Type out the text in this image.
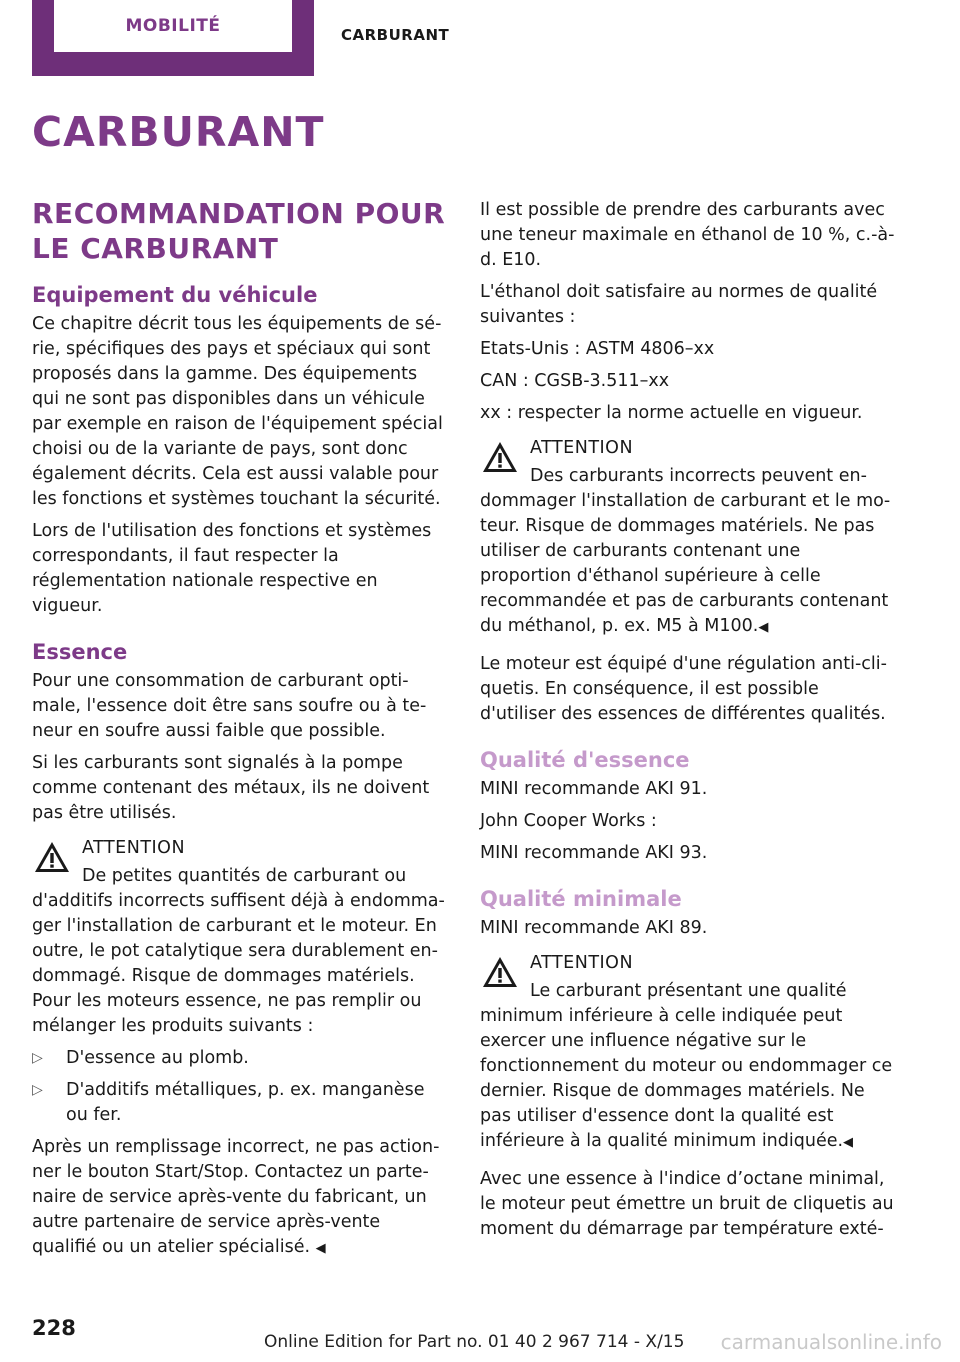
MOBILITÉ	CARBURANT
CARBURANT
RECOMMANDATION POUR LE CARBURANT
Equipement du véhicule

Ce chapitre décrit tous les équipements de série, spécifiques des pays et spéciaux qui sont proposés dans la gamme. Des équipements qui ne sont pas disponibles dans un véhicule par exemple en raison de l'équipement spécial choisi ou de la variante de pays, sont donc également décrits. Cela est aussi valable pour les fonctions et systèmes touchant la sécurité.

Lors de l'utilisation des fonctions et systèmes correspondants, il faut respecter la réglementation nationale respective en vigueur.

Essence

Pour une consommation de carburant optimale, l'essence doit être sans soufre ou à teneur en soufre aussi faible que possible.

Si les carburants sont signalés à la pompe comme contenant des métaux, ils ne doivent pas être utilisés.

ATTENTION

De petites quantités de carburant ou d'additifs incorrects suffisent déjà à endommager l'installation de carburant et le moteur. En outre, le pot catalytique sera durablement endommagé. Risque de dommages matériels. Pour les moteurs essence, ne pas remplir ou mélanger les produits suivants :

▷ D'essence au plomb.
▷ D'additifs métalliques, p. ex. manganèse ou fer.

Après un remplissage incorrect, ne pas actionner le bouton Start/Stop. Contactez un partenaire de service après-vente du fabricant, un autre partenaire de service après-vente qualifié ou un atelier spécialisé. ◀

Il est possible de prendre des carburants avec une teneur maximale en éthanol de 10 %, c.-à-d. E10.

L'éthanol doit satisfaire au normes de qualité suivantes :

Etats-Unis : ASTM 4806–xx

CAN : CGSB-3.511–xx

xx : respecter la norme actuelle en vigueur.

ATTENTION

Des carburants incorrects peuvent endommager l'installation de carburant et le moteur. Risque de dommages matériels. Ne pas utiliser de carburants contenant une proportion d'éthanol supérieure à celle recommandée et pas de carburants contenant du méthanol, p. ex. M5 à M100.◀

Le moteur est équipé d'une régulation anti-cliquetis. En conséquence, il est possible d'utiliser des essences de différentes qualités.

Qualité d'essence

MINI recommande AKI 91.

John Cooper Works :

MINI recommande AKI 93.

Qualité minimale

MINI recommande AKI 89.

ATTENTION

Le carburant présentant une qualité minimum inférieure à celle indiquée peut exercer une influence négative sur le fonctionnement du moteur ou endommager ce dernier. Risque de dommages matériels. Ne pas utiliser d'essence dont la qualité est inférieure à la qualité minimum indiquée.◀

Avec une essence à l'indice d’octane minimal, le moteur peut émettre un bruit de cliquetis au moment du démarrage par température exté-

228
Online Edition for Part no. 01 40 2 967 714 - X/15 carmanualsonline.info
